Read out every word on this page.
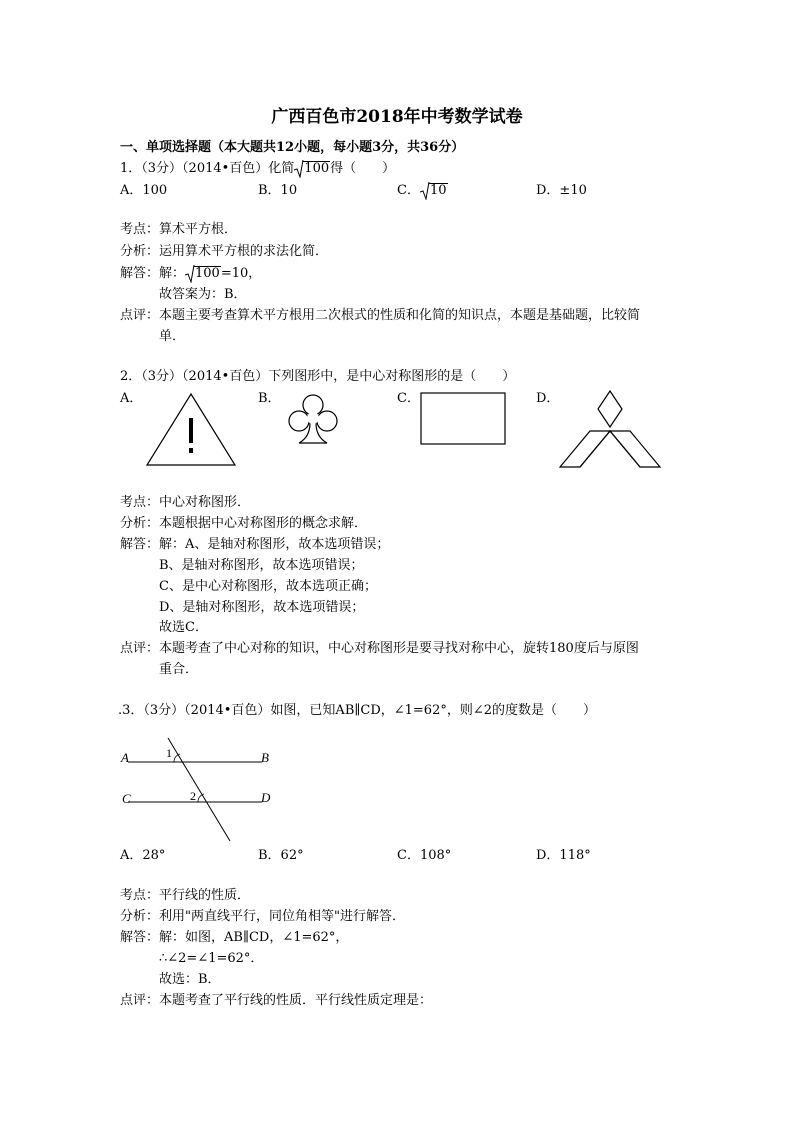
广西百色市2018年中考数学试卷
一、单项选择题（本大题共12小题，每小题3分，共36分）
1．（3分）（2014•百色）化简 100得（　　）
A．100	B．10	C． 10	D．±10
考点：算术平方根．
分析：运用算术平方根的求法化简．
解答：解： 100=10，
故答案为：B．
点评：本题主要考查算术平方根用二次根式的性质和化简的知识点，本题是基础题，比较简
单．
2．（3分）（2014•百色）下列图形中，是中心对称图形的是（　　）
A．	B．	C．	D．
考点：中心对称图形．
分析：本题根据中心对称图形的概念求解．
解答：解：A、是轴对称图形，故本选项错误；
B、是轴对称图形，故本选项错误；
C、是中心对称图形，故本选项正确；
D、是轴对称图形，故本选项错误；
故选C．
点评：本题考查了中心对称的知识，中心对称图形是要寻找对称中心，旋转180度后与原图
重合．
.3．（3分）（2014•百色）如图，已知AB∥CD，∠1=62°，则∠2的度数是（　　）
A	B
C	D
1
2
A．28°	B．62°	C．108°	D．118°
考点：平行线的性质．
分析：利用"两直线平行，同位角相等"进行解答．
解答：解：如图，AB∥CD，∠1=62°，
∴∠2=∠1=62°．
故选：B．
点评：本题考查了平行线的性质．平行线性质定理是：
